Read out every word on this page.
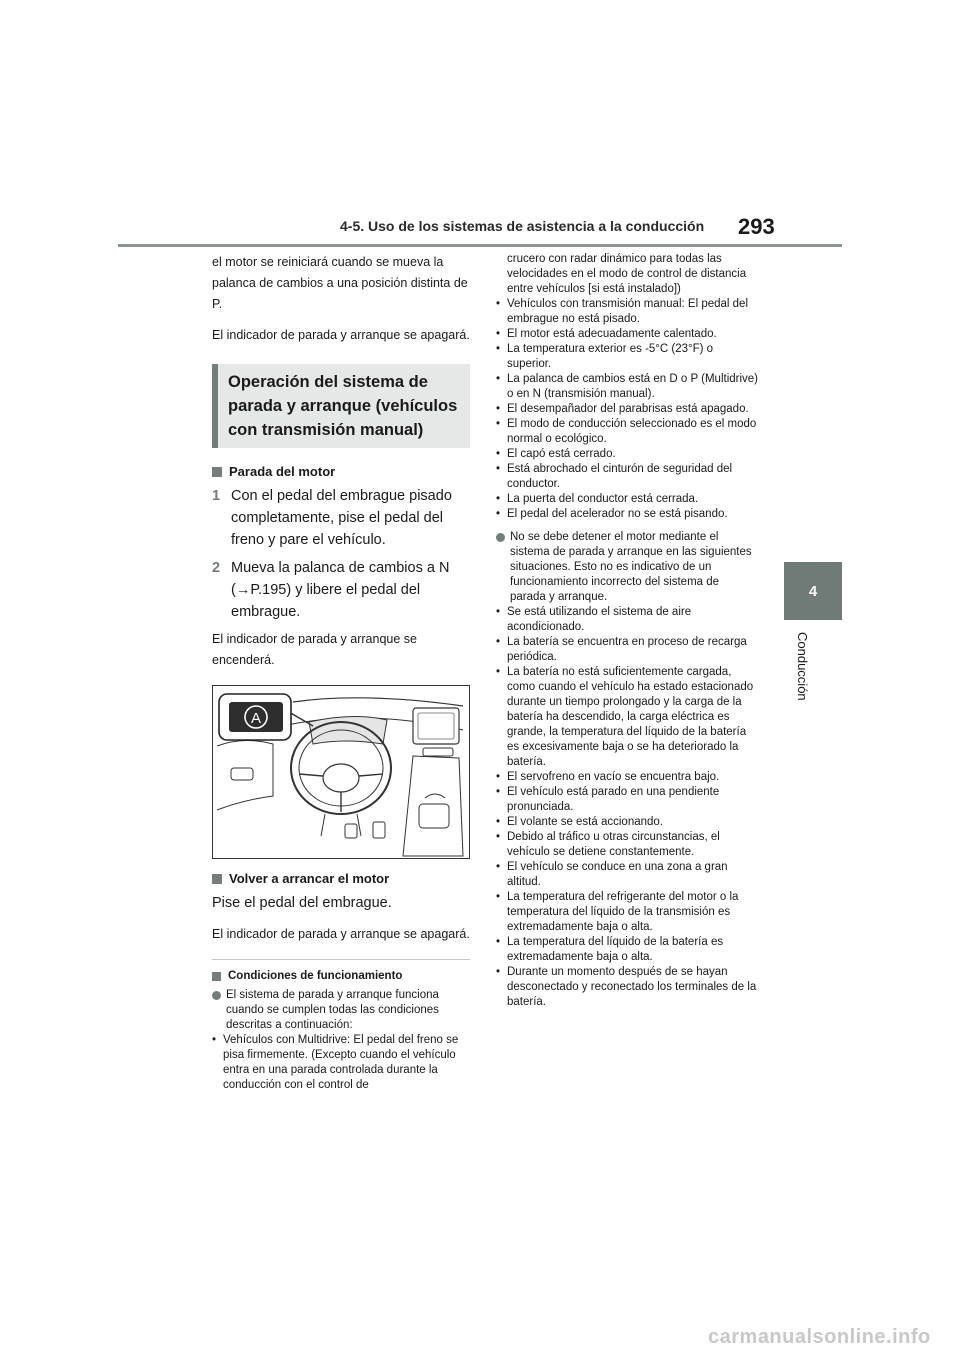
4-5. Uso de los sistemas de asistencia a la conducción 293
4
Conducción

el motor se reiniciará cuando se mueva la palanca de cambios a una posición distinta de P.

El indicador de parada y arranque se apagará.

Operación del sistema de parada y arranque (vehículos con transmisión manual)
Parada del motor
1 Con el pedal del embrague pisado completamente, pise el pedal del freno y pare el vehículo.
2 Mueva la palanca de cambios a N (→P.195) y libere el pedal del embrague.

El indicador de parada y arranque se encenderá.

A
Volver a arrancar el motor

Pise el pedal del embrague.

El indicador de parada y arranque se apagará.

Condiciones de funcionamiento

El sistema de parada y arranque funciona cuando se cumplen todas las condiciones descritas a continuación:

• Vehículos con Multidrive: El pedal del freno se pisa firmemente. (Excepto cuando el vehículo entra en una parada controlada durante la conducción con el control de
crucero con radar dinámico para todas las velocidades en el modo de control de distancia entre vehículos [si está instalado])
• Vehículos con transmisión manual: El pedal del embrague no está pisado.
• El motor está adecuadamente calentado.
• La temperatura exterior es -5°C (23°F) o superior.
• La palanca de cambios está en D o P (Multidrive) o en N (transmisión manual).
• El desempañador del parabrisas está apagado.
• El modo de conducción seleccionado es el modo normal o ecológico.
• El capó está cerrado.
• Está abrochado el cinturón de seguridad del conductor.
• La puerta del conductor está cerrada.
• El pedal del acelerador no se está pisando.

No se debe detener el motor mediante el sistema de parada y arranque en las siguientes situaciones. Esto no es indicativo de un funcionamiento incorrecto del sistema de parada y arranque.

• Se está utilizando el sistema de aire acondicionado.
• La batería se encuentra en proceso de recarga periódica.
• La batería no está suficientemente cargada, como cuando el vehículo ha estado estacionado durante un tiempo prolongado y la carga de la batería ha descendido, la carga eléctrica es grande, la temperatura del líquido de la batería es excesivamente baja o se ha deteriorado la batería.
• El servofreno en vacío se encuentra bajo.
• El vehículo está parado en una pendiente pronunciada.
• El volante se está accionando.
• Debido al tráfico u otras circunstancias, el vehículo se detiene constantemente.
• El vehículo se conduce en una zona a gran altitud.
• La temperatura del refrigerante del motor o la temperatura del líquido de la transmisión es extremadamente baja o alta.
• La temperatura del líquido de la batería es extremadamente baja o alta.
• Durante un momento después de se hayan desconectado y reconectado los terminales de la batería.
carmanualsonline.info
